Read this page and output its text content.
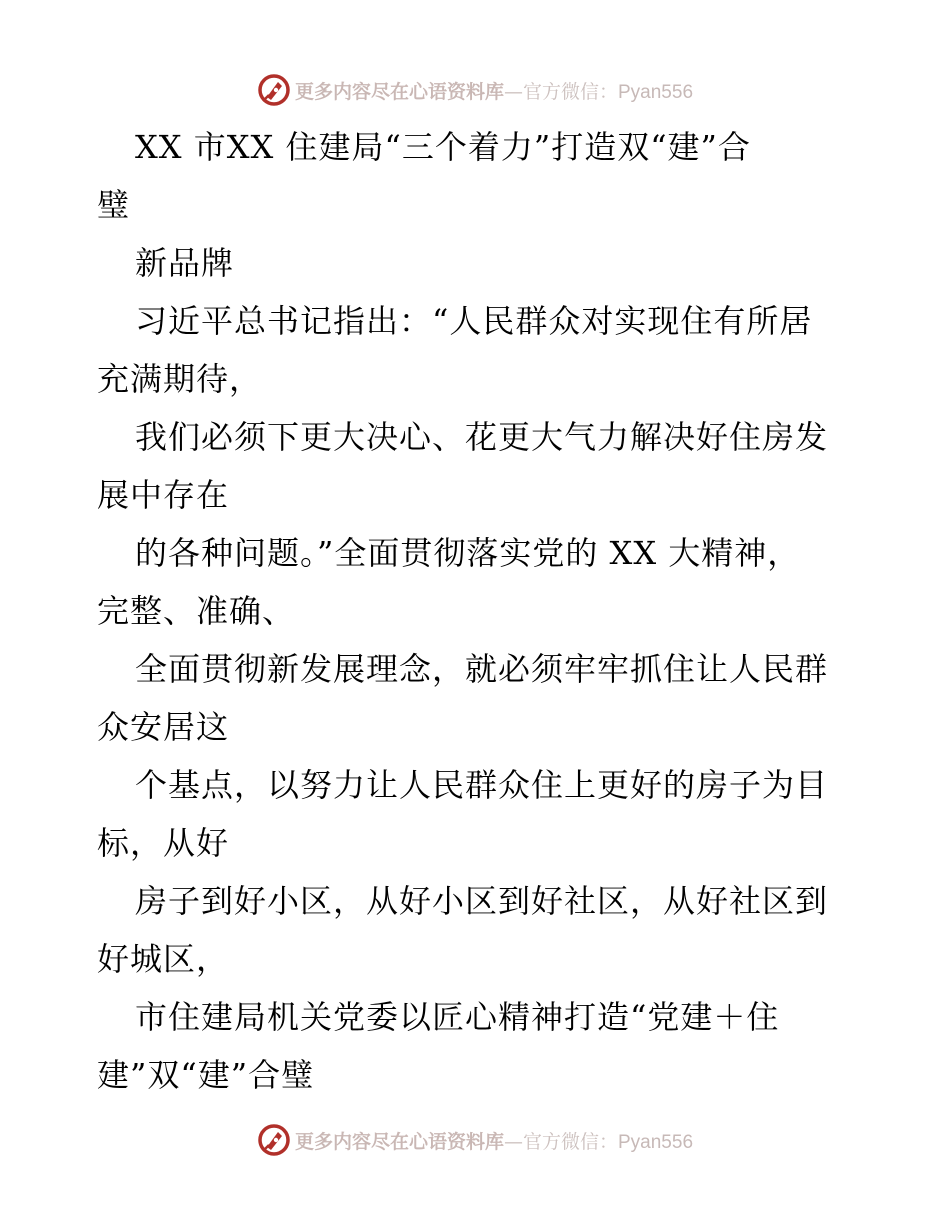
更多内容尽在心语资料库—官方微信：Pyan556
XX 市XX 住建局“三个着力”打造双“建”合
璧
新品牌
习近平总书记指出：“人民群众对实现住有所居
充满期待，
我们必须下更大决心、花更大气力解决好住房发
展中存在
的各种问题。”全面贯彻落实党的 XX 大精神，
完整、准确、
全面贯彻新发展理念，就必须牢牢抓住让人民群
众安居这
个基点，以努力让人民群众住上更好的房子为目
标，从好
房子到好小区，从好小区到好社区，从好社区到
好城区，
市住建局机关党委以匠心精神打造“党建＋住
建”双“建”合璧
更多内容尽在心语资料库—官方微信：Pyan556
